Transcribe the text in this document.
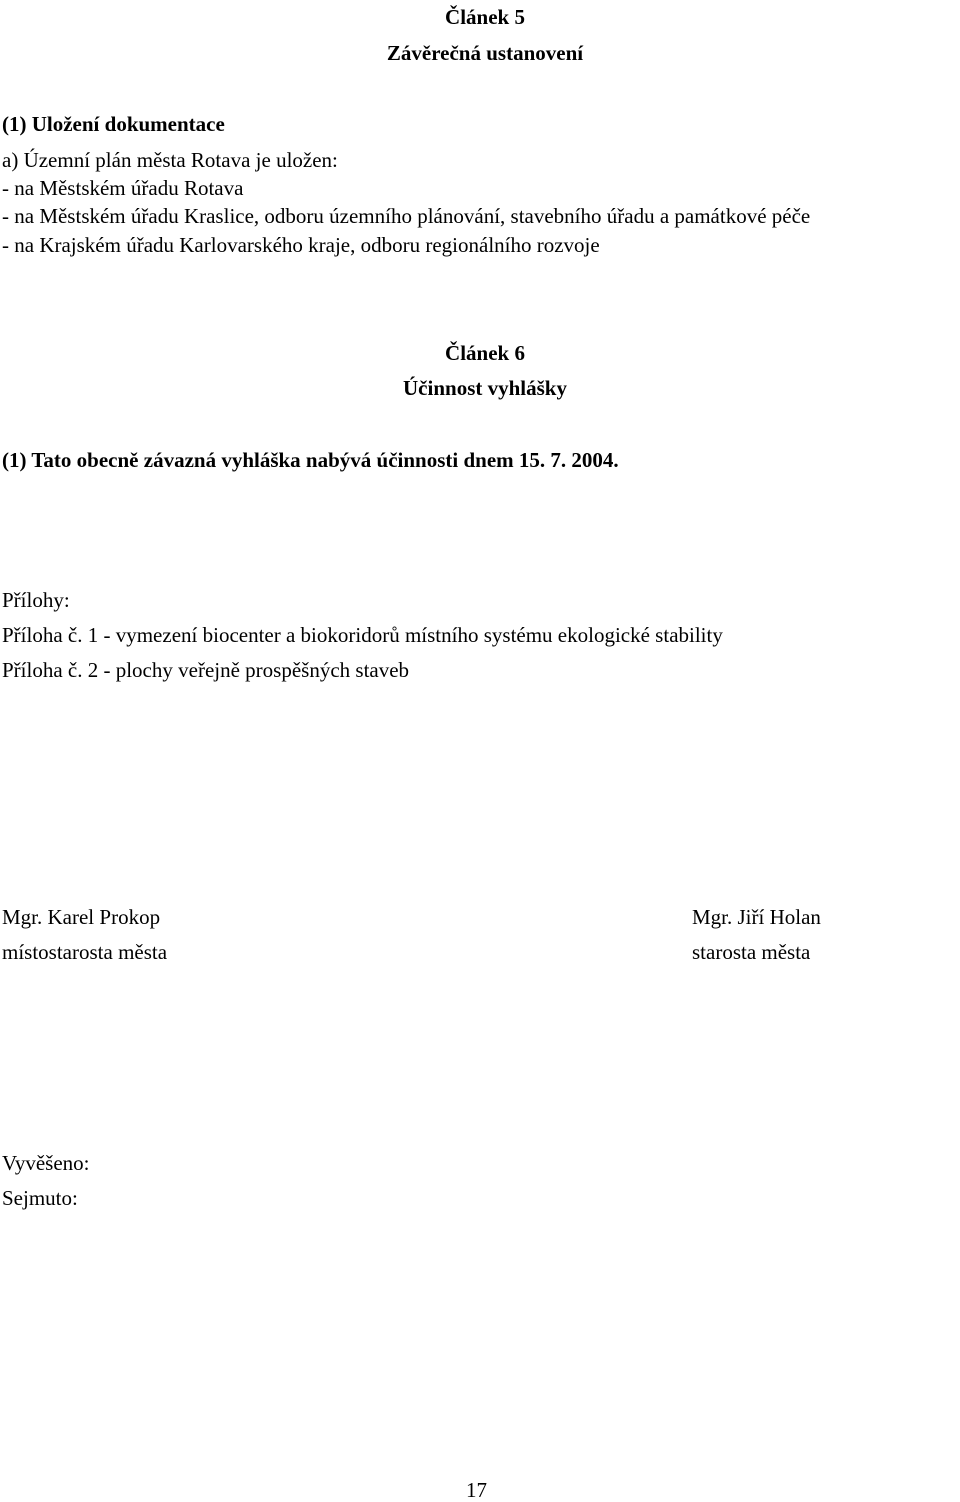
Článek 5
Závěrečná ustanovení
(1) Uložení dokumentace
a) Územní plán města Rotava je uložen:
- na Městském úřadu Rotava
- na Městském úřadu Kraslice, odboru územního plánování, stavebního úřadu a památkové péče
- na Krajském úřadu Karlovarského kraje, odboru regionálního rozvoje
Článek 6
Účinnost vyhlášky
(1) Tato obecně závazná vyhláška nabývá účinnosti dnem 15. 7. 2004.
Přílohy:
Příloha č. 1 - vymezení biocenter a biokoridorů místního systému ekologické stability
Příloha č. 2 - plochy veřejně prospěšných staveb
Mgr. Karel Prokop
místostarosta města
Mgr. Jiří Holan
starosta města
Vyvěšeno:
Sejmuto:
17
